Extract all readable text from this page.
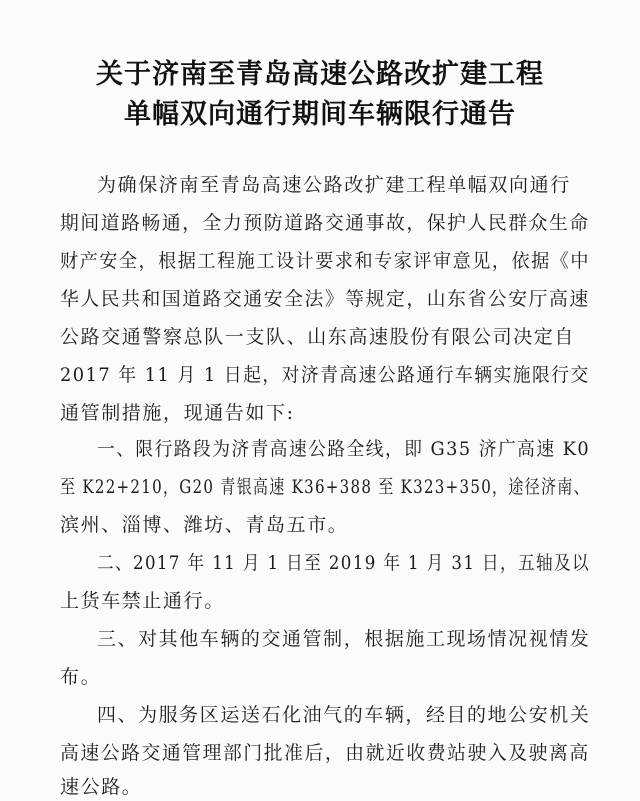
关于济南至青岛高速公路改扩建工程
单幅双向通行期间车辆限行通告
为确保济南至青岛高速公路改扩建工程单幅双向通行
期间道路畅通，全力预防道路交通事故，保护人民群众生命
财产安全，根据工程施工设计要求和专家评审意见，依据《中
华人民共和国道路交通安全法》等规定，山东省公安厅高速
公路交通警察总队一支队、山东高速股份有限公司决定自
2017 年 11 月 1 日起，对济青高速公路通行车辆实施限行交
通管制措施，现通告如下:
一、限行路段为济青高速公路全线，即 G35 济广高速 K0
至 K22+210，G20 青银高速 K36+388 至 K323+350，途径济南、
滨州、淄博、潍坊、青岛五市。
二、2017 年 11 月 1 日至 2019 年 1 月 31 日，五轴及以
上货车禁止通行。
三、对其他车辆的交通管制，根据施工现场情况视情发
布。
四、为服务区运送石化油气的车辆，经目的地公安机关
高速公路交通管理部门批准后，由就近收费站驶入及驶离高
速公路。
